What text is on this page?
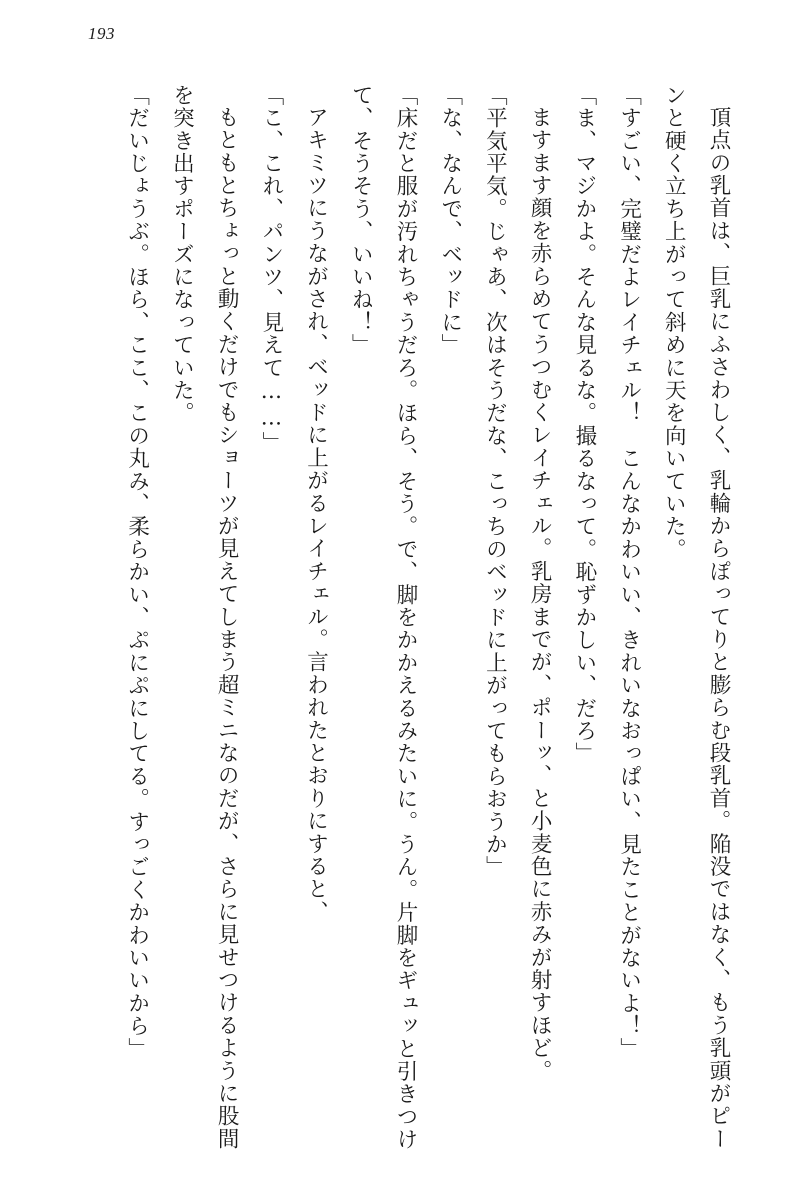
193

頂点の乳首は、巨乳にふさわしく、乳輪からぽってりと膨らむ段乳首。陥没ではなく、もう乳頭がピーンと硬く立ち上がって斜めに天を向いていた。

「すごい、完璧だよレイチェル！　こんなかわいい、きれいなおっぱい、見たことがないよ！」

「ま、マジかよ。そんな見るな。撮るなって。恥ずかしい、だろ」

ますます顔を赤らめてうつむくレイチェル。乳房までが、ポーッ、と小麦色に赤みが射すほど。

「平気平気。じゃあ、次はそうだな、こっちのベッドに上がってもらおうか」

「な、なんで、ベッドに」

「床だと服が汚れちゃうだろ。ほら、そう。で、脚をかかえるみたいに。うん。片脚をギュッと引きつけて、そうそう、いいね！」

アキミツにうながされ、ベッドに上がるレイチェル。言われたとおりにすると、

「こ、これ、パンツ、見えて……」

もともとちょっと動くだけでもショーツが見えてしまう超ミニなのだが、さらに見せつけるように股間を突き出すポーズになっていた。

「だいじょうぶ。ほら、ここ、この丸み、柔らかい、ぷにぷにしてる。すっごくかわいいから」
